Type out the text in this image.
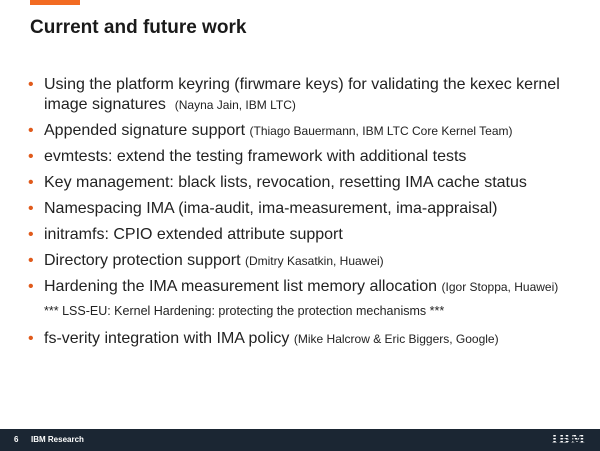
Current and future work
• Using the platform keyring (firwmare keys) for validating the kexec kernel image signatures (Nayna Jain, IBM LTC)
• Appended signature support (Thiago Bauermann, IBM LTC Core Kernel Team)
• evmtests: extend the testing framework with additional tests
• Key management: black lists, revocation, resetting IMA cache status
• Namespacing IMA (ima-audit, ima-measurement, ima-appraisal)
• initramfs: CPIO extended attribute support
• Directory protection support (Dmitry Kasatkin, Huawei)
• Hardening the IMA measurement list memory allocation (Igor Stoppa, Huawei)
*** LSS-EU: Kernel Hardening: protecting the protection mechanisms ***
• fs-verity integration with IMA policy (Mike Halcrow & Eric Biggers, Google)
6 IBM Research	IBM
